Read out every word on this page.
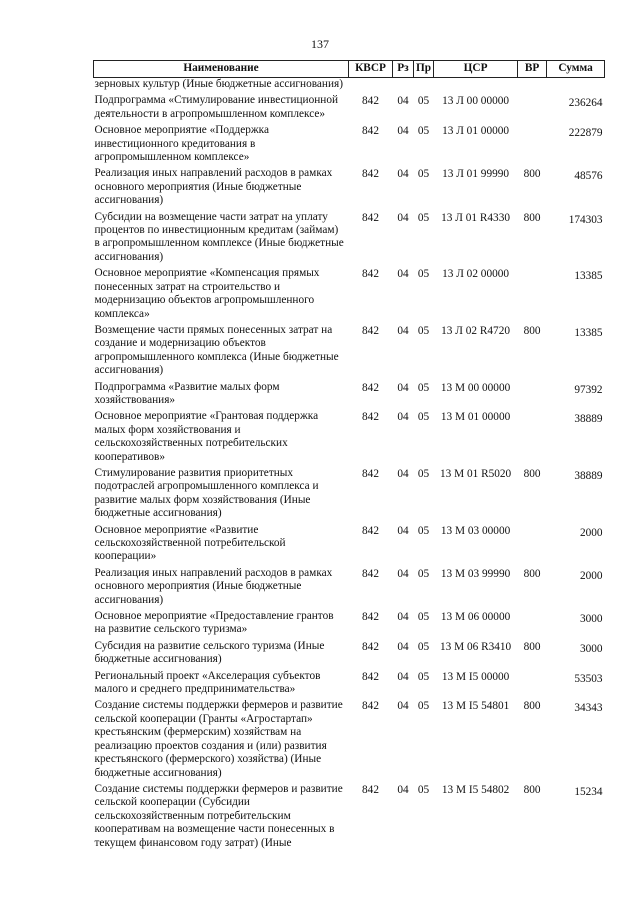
137
Наименование	КВСР	Рз	Пр	ЦСР	ВР	Сумма
зерновых культур (Иные бюджетные ассигнования)						
Подпрограмма «Стимулирование инвестиционной деятельности в агропромышленном комплексе»	842	04	05	13 Л 00 00000		236264
Основное мероприятие «Поддержка инвестиционного кредитования в агропромышленном комплексе»	842	04	05	13 Л 01 00000		222879
Реализация иных направлений расходов в рамках основного мероприятия (Иные бюджетные ассигнования)	842	04	05	13 Л 01 99990	800	48576
Субсидии на возмещение части затрат на уплату процентов по инвестиционным кредитам (займам) в агропромышленном комплексе (Иные бюджетные ассигнования)	842	04	05	13 Л 01 R4330	800	174303
Основное мероприятие «Компенсация прямых понесенных затрат на строительство и модернизацию объектов агропромышленного комплекса»	842	04	05	13 Л 02 00000		13385
Возмещение части прямых понесенных затрат на создание и модернизацию объектов агропромышленного комплекса (Иные бюджетные ассигнования)	842	04	05	13 Л 02 R4720	800	13385
Подпрограмма «Развитие малых форм хозяйствования»	842	04	05	13 М 00 00000		97392
Основное мероприятие «Грантовая поддержка малых форм хозяйствования и сельскохозяйственных потребительских кооперативов»	842	04	05	13 М 01 00000		38889
Стимулирование развития приоритетных подотраслей агропромышленного комплекса и развитие малых форм хозяйствования (Иные бюджетные ассигнования)	842	04	05	13 М 01 R5020	800	38889
Основное мероприятие «Развитие сельскохозяйственной потребительской кооперации»	842	04	05	13 М 03 00000		2000
Реализация иных направлений расходов в рамках основного мероприятия (Иные бюджетные ассигнования)	842	04	05	13 М 03 99990	800	2000
Основное мероприятие «Предоставление грантов на развитие сельского туризма»	842	04	05	13 М 06 00000		3000
Субсидия на развитие сельского туризма (Иные бюджетные ассигнования)	842	04	05	13 М 06 R3410	800	3000
Региональный проект «Акселерация субъектов малого и среднего предпринимательства»	842	04	05	13 М I5 00000		53503
Создание системы поддержки фермеров и развитие сельской кооперации (Гранты «Агростартап» крестьянским (фермерским) хозяйствам на реализацию проектов создания и (или) развития крестьянского (фермерского) хозяйства) (Иные бюджетные ассигнования)	842	04	05	13 М I5 54801	800	34343
Создание системы поддержки фермеров и развитие сельской кооперации (Субсидии сельскохозяйственным потребительским кооперативам на возмещение части понесенных в текущем финансовом году затрат) (Иные	842	04	05	13 М I5 54802	800	15234
